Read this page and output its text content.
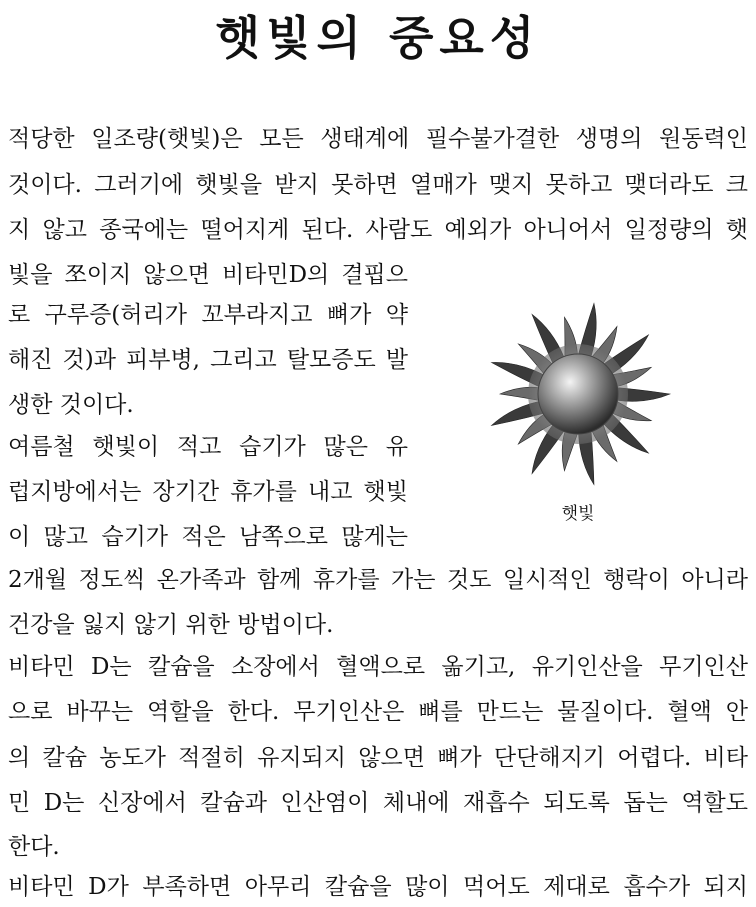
햇빛의 중요성
적당한 일조량(햇빛)은 모든 생태계에 필수불가결한 생명의 원동력인
것이다. 그러기에 햇빛을 받지 못하면 열매가 맺지 못하고 맺더라도 크
지 않고 종국에는 떨어지게 된다. 사람도 예외가 아니어서 일정량의 햇
빛을 쪼이지 않으면 비타민D의 결핍으
로 구루증(허리가 꼬부라지고 뼈가 약
해진 것)과 피부병, 그리고 탈모증도 발
생한 것이다.
여름철 햇빛이 적고 습기가 많은 유
럽지방에서는 장기간 휴가를 내고 햇빛
이 많고 습기가 적은 남쪽으로 많게는
2개월 정도씩 온가족과 함께 휴가를 가는 것도 일시적인 행락이 아니라
건강을 잃지 않기 위한 방법이다.
비타민 D는 칼슘을 소장에서 혈액으로 옮기고, 유기인산을 무기인산
으로 바꾸는 역할을 한다. 무기인산은 뼈를 만드는 물질이다. 혈액 안
의 칼슘 농도가 적절히 유지되지 않으면 뼈가 단단해지기 어렵다. 비타
민 D는 신장에서 칼슘과 인산염이 체내에 재흡수 되도록 돕는 역할도
한다.
비타민 D가 부족하면 아무리 칼슘을 많이 먹어도 제대로 흡수가 되지
햇빛
